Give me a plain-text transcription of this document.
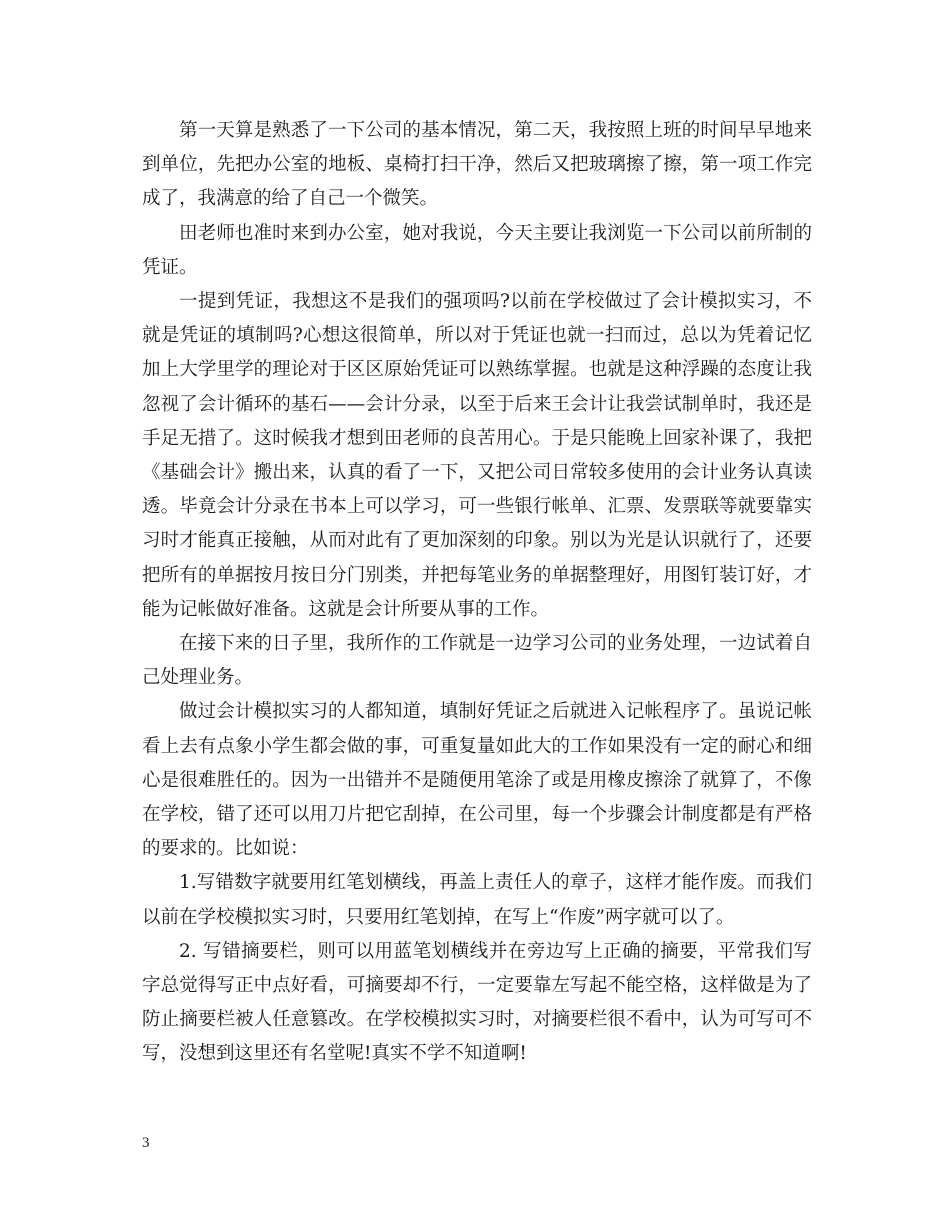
第一天算是熟悉了一下公司的基本情况，第二天，我按照上班的时间早早地来到单位，先把办公室的地板、桌椅打扫干净，然后又把玻璃擦了擦，第一项工作完成了，我满意的给了自己一个微笑。

田老师也准时来到办公室，她对我说，今天主要让我浏览一下公司以前所制的凭证。

一提到凭证，我想这不是我们的强项吗?以前在学校做过了会计模拟实习，不就是凭证的填制吗?心想这很简单，所以对于凭证也就一扫而过，总以为凭着记忆加上大学里学的理论对于区区原始凭证可以熟练掌握。也就是这种浮躁的态度让我忽视了会计循环的基石——会计分录，以至于后来王会计让我尝试制单时，我还是手足无措了。这时候我才想到田老师的良苦用心。于是只能晚上回家补课了，我把《基础会计》搬出来，认真的看了一下，又把公司日常较多使用的会计业务认真读透。毕竟会计分录在书本上可以学习，可一些银行帐单、汇票、发票联等就要靠实习时才能真正接触，从而对此有了更加深刻的印象。别以为光是认识就行了，还要把所有的单据按月按日分门别类，并把每笔业务的单据整理好，用图钉装订好，才能为记帐做好准备。这就是会计所要从事的工作。

在接下来的日子里，我所作的工作就是一边学习公司的业务处理，一边试着自己处理业务。

做过会计模拟实习的人都知道，填制好凭证之后就进入记帐程序了。虽说记帐看上去有点象小学生都会做的事，可重复量如此大的工作如果没有一定的耐心和细心是很难胜任的。因为一出错并不是随便用笔涂了或是用橡皮擦涂了就算了，不像在学校，错了还可以用刀片把它刮掉，在公司里，每一个步骤会计制度都是有严格的要求的。比如说：

1.写错数字就要用红笔划横线，再盖上责任人的章子，这样才能作废。而我们以前在学校模拟实习时，只要用红笔划掉，在写上“作废”两字就可以了。

2. 写错摘要栏，则可以用蓝笔划横线并在旁边写上正确的摘要，平常我们写字总觉得写正中点好看，可摘要却不行，一定要靠左写起不能空格，这样做是为了防止摘要栏被人任意篡改。在学校模拟实习时，对摘要栏很不看中，认为可写可不写，没想到这里还有名堂呢!真实不学不知道啊!

3
